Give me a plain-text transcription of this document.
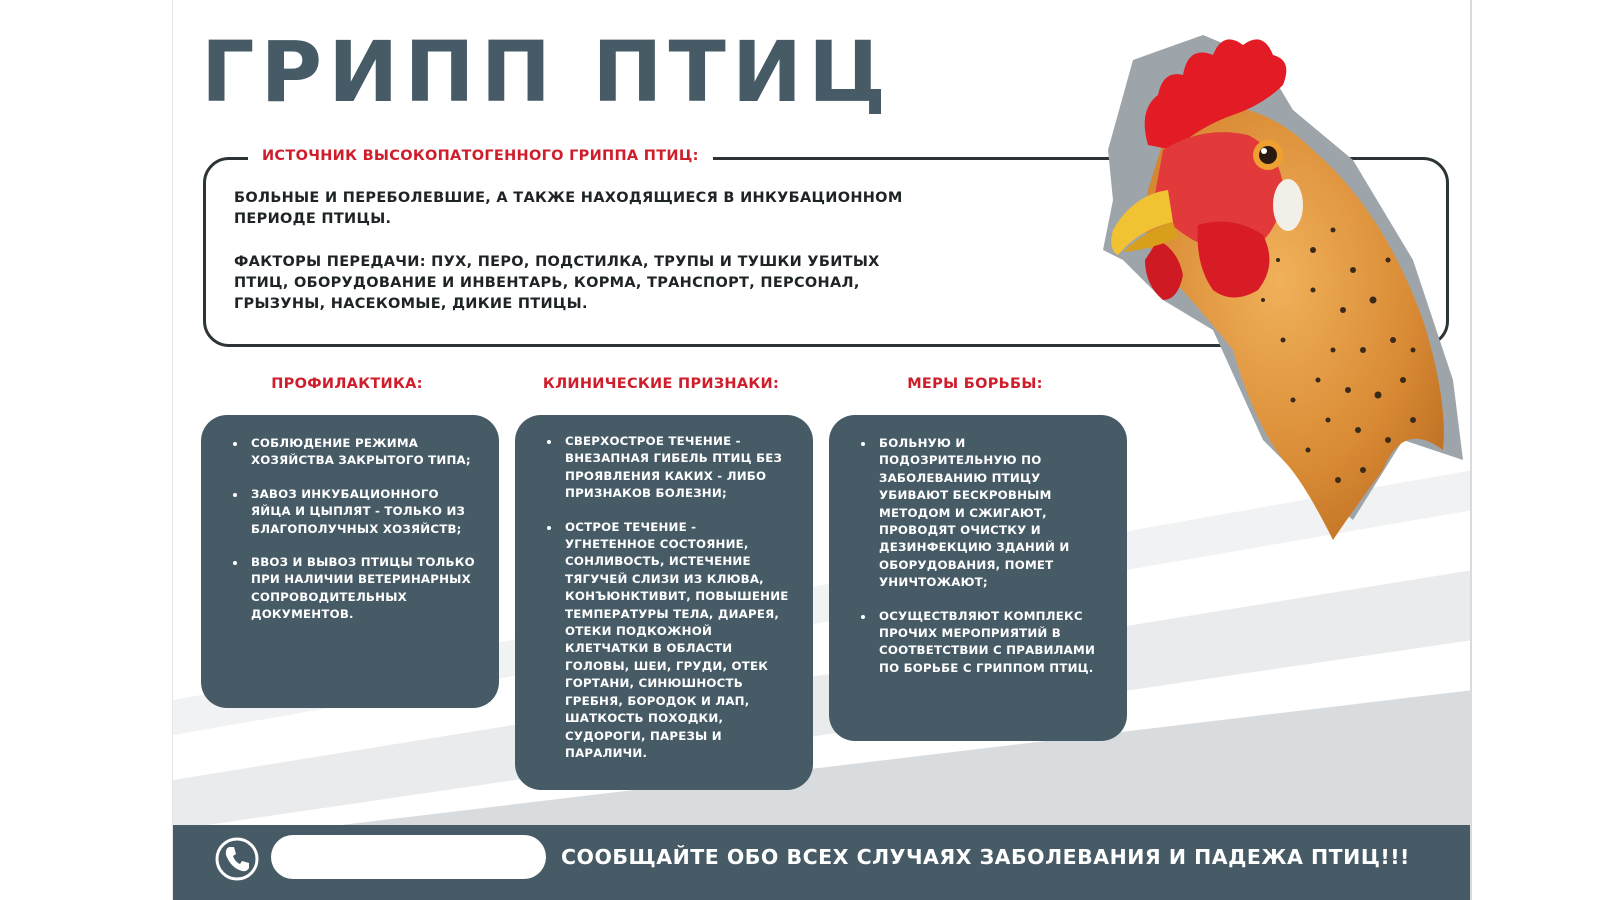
ГРИПП ПТИЦ
ИСТОЧНИК ВЫСОКОПАТОГЕННОГО ГРИППА ПТИЦ:

БОЛЬНЫЕ И ПЕРЕБОЛЕВШИЕ, А ТАКЖЕ НАХОДЯЩИЕСЯ В ИНКУБАЦИОННОМ ПЕРИОДЕ ПТИЦЫ.

ФАКТОРЫ ПЕРЕДАЧИ: ПУХ, ПЕРО, ПОДСТИЛКА, ТРУПЫ И ТУШКИ УБИТЫХ ПТИЦ, ОБОРУДОВАНИЕ И ИНВЕНТАРЬ, КОРМА, ТРАНСПОРТ, ПЕРСОНАЛ, ГРЫЗУНЫ, НАСЕКОМЫЕ, ДИКИЕ ПТИЦЫ.

ПРОФИЛАКТИКА:	КЛИНИЧЕСКИЕ ПРИЗНАКИ:	МЕРЫ БОРЬБЫ:
СОБЛЮДЕНИЕ РЕЖИМА ХОЗЯЙСТВА ЗАКРЫТОГО ТИПА;
ЗАВОЗ ИНКУБАЦИОННОГО ЯЙЦА И ЦЫПЛЯТ - ТОЛЬКО ИЗ БЛАГОПОЛУЧНЫХ ХОЗЯЙСТВ;
ВВОЗ И ВЫВОЗ ПТИЦЫ ТОЛЬКО ПРИ НАЛИЧИИ ВЕТЕРИНАРНЫХ СОПРОВОДИТЕЛЬНЫХ ДОКУМЕНТОВ.
СВЕРХОСТРОЕ ТЕЧЕНИЕ - ВНЕЗАПНАЯ ГИБЕЛЬ ПТИЦ БЕЗ ПРОЯВЛЕНИЯ КАКИХ - ЛИБО ПРИЗНАКОВ БОЛЕЗНИ;
ОСТРОЕ ТЕЧЕНИЕ - УГНЕТЕННОЕ СОСТОЯНИЕ, СОНЛИВОСТЬ, ИСТЕЧЕНИЕ ТЯГУЧЕЙ СЛИЗИ ИЗ КЛЮВА, КОНЪЮНКТИВИТ, ПОВЫШЕНИЕ ТЕМПЕРАТУРЫ ТЕЛА, ДИАРЕЯ, ОТЕКИ ПОДКОЖНОЙ КЛЕТЧАТКИ В ОБЛАСТИ ГОЛОВЫ, ШЕИ, ГРУДИ, ОТЕК ГОРТАНИ, СИНЮШНОСТЬ ГРЕБНЯ, БОРОДОК И ЛАП, ШАТКОСТЬ ПОХОДКИ, СУДОРОГИ, ПАРЕЗЫ И ПАРАЛИЧИ.
БОЛЬНУЮ И ПОДОЗРИТЕЛЬНУЮ ПО ЗАБОЛЕВАНИЮ ПТИЦУ УБИВАЮТ БЕСКРОВНЫМ МЕТОДОМ И СЖИГАЮТ, ПРОВОДЯТ ОЧИСТКУ И ДЕЗИНФЕКЦИЮ ЗДАНИЙ И ОБОРУДОВАНИЯ, ПОМЕТ УНИЧТОЖАЮТ;
ОСУЩЕСТВЛЯЮТ КОМПЛЕКС ПРОЧИХ МЕРОПРИЯТИЙ В СООТВЕТСТВИИ С ПРАВИЛАМИ ПО БОРЬБЕ С ГРИППОМ ПТИЦ.
СООБЩАЙТЕ ОБО ВСЕХ СЛУЧАЯХ ЗАБОЛЕВАНИЯ И ПАДЕЖА ПТИЦ!!!
